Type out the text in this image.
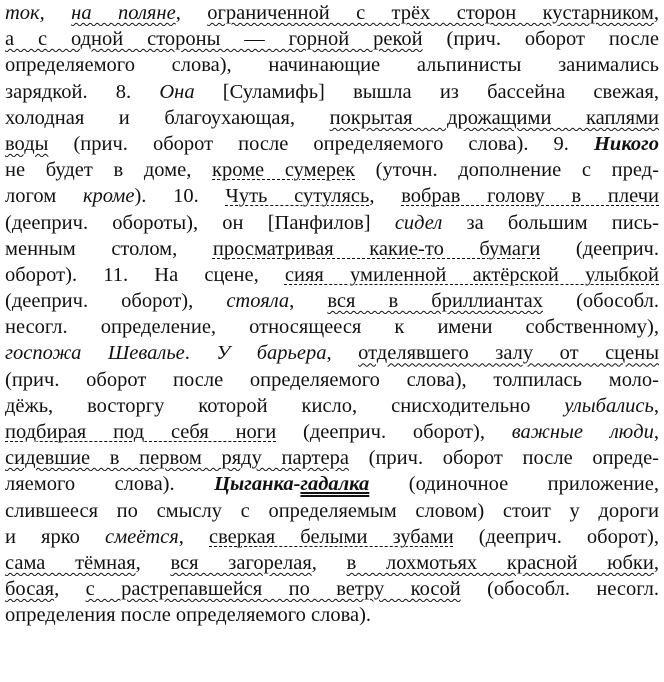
ток, на поляне, ограниченной с трёх сторон кустарником,
а с одной стороны — горной рекой (прич. оборот после
определяемого слова), начинающие альпинисты занимались
зарядкой. 8. Она [Суламифь] вышла из бассейна свежая,
холодная и благоухающая, покрытая дрожащими каплями
воды (прич. оборот после определяемого слова). 9. Никого
не будет в доме, кроме сумерек (уточн. дополнение с пред-
логом кроме). 10. Чуть сутулясь, вобрав голову в плечи
(дееприч. обороты), он [Панфилов] сидел за большим пись-
менным столом, просматривая какие-то бумаги (дееприч.
оборот). 11. На сцене, сияя умиленной актёрской улыбкой
(дееприч. оборот), стояла, вся в бриллиантах (обособл.
несогл. определение, относящееся к имени собственному),
госпожа Шевалье. У барьера, отделявшего залу от сцены
(прич. оборот после определяемого слова), толпилась моло-
дёжь, восторгу которой кисло, снисходительно улыбались,
подбирая под себя ноги (дееприч. оборот), важные люди,
сидевшие в первом ряду партера (прич. оборот после опреде-
ляемого слова). Цыганка-гадалка (одиночное приложение,
слившееся по смыслу с определяемым словом) стоит у дороги
и ярко смеётся, сверкая белыми зубами (дееприч. оборот),
сама тёмная, вся загорелая, в лохмотьях красной юбки,
босая, с растрепавшейся по ветру косой (обособл. несогл.
определения после определяемого слова).
